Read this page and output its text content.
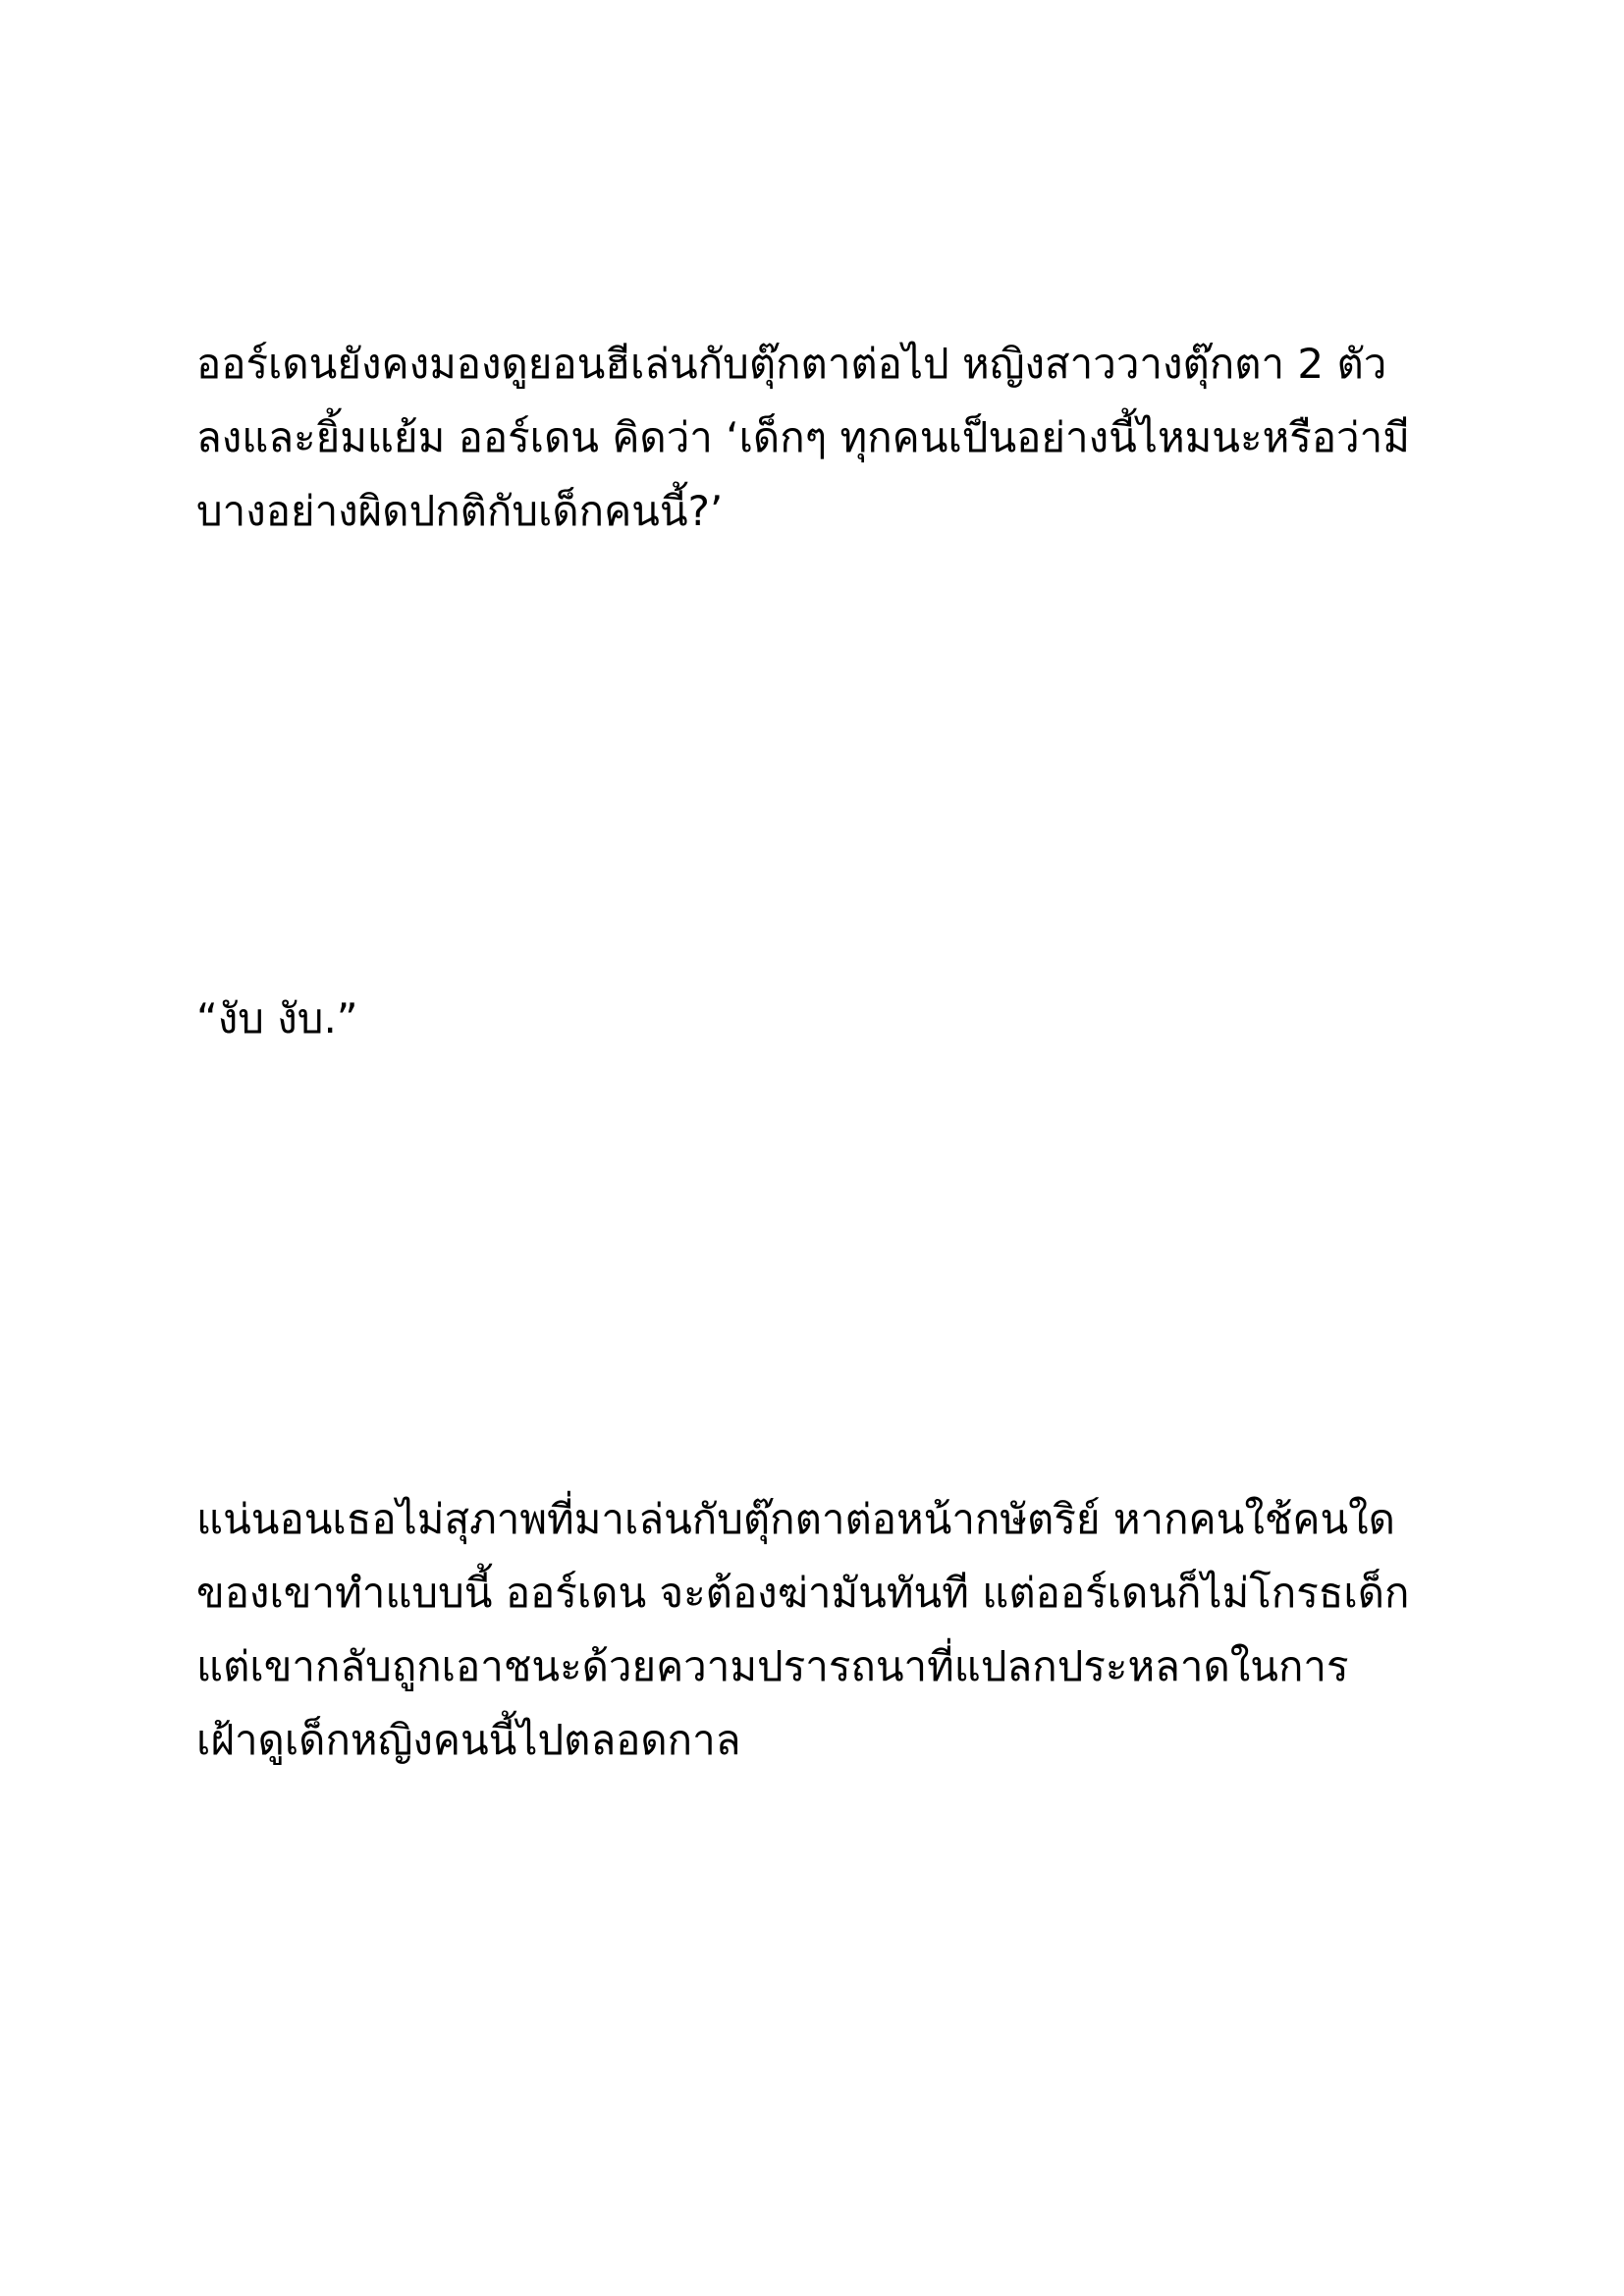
ออร์เดนยังคงมองดูยอนฮีเล่นกับตุ๊กตาต่อไป หญิงสาววางตุ๊กตา 2 ตัว
ลงและยิ้มแย้ม ออร์เดน คิดว่า ‘เด็กๆ ทุกคนเป็นอย่างนี้ไหมนะหรือว่ามี
บางอย่างผิดปกติกับเด็กคนนี้?’

“งับ งับ.”

แน่นอนเธอไม่สุภาพที่มาเล่นกับตุ๊กตาต่อหน้ากษัตริย์ หากคนใช้คนใด
ของเขาทำแบบนี้ ออร์เดน จะต้องฆ่ามันทันที แต่ออร์เดนก็ไม่โกรธเด็ก
แต่เขากลับถูกเอาชนะด้วยความปรารถนาที่แปลกประหลาดในการ
เฝ้าดูเด็กหญิงคนนี้ไปตลอดกาล
